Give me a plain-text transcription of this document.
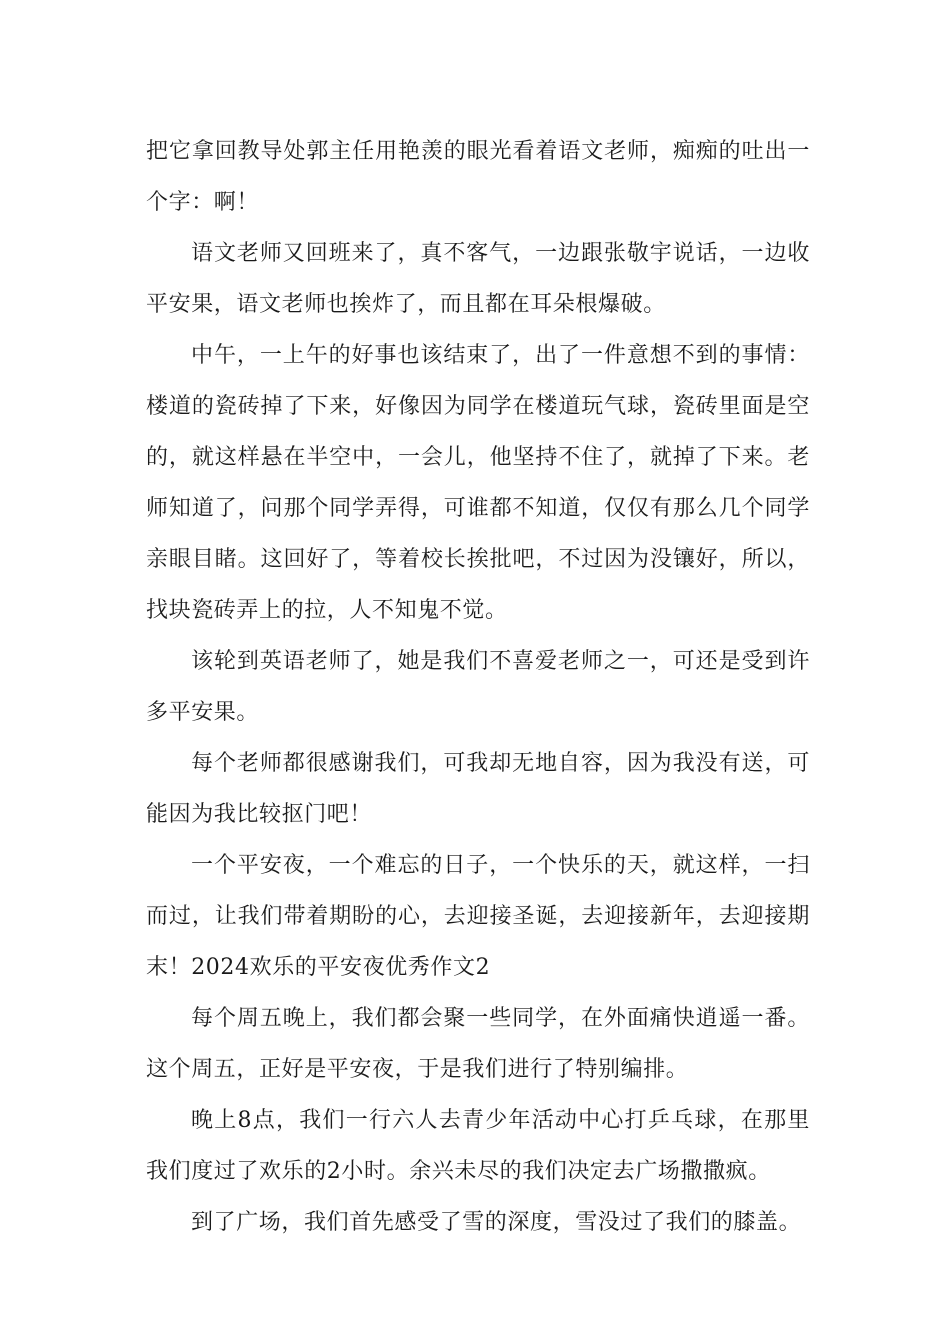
把它拿回教导处郭主任用艳羡的眼光看着语文老师，痴痴的吐出一个字：啊！

语文老师又回班来了，真不客气，一边跟张敬宇说话，一边收平安果，语文老师也挨炸了，而且都在耳朵根爆破。

中午，一上午的好事也该结束了，出了一件意想不到的事情：楼道的瓷砖掉了下来，好像因为同学在楼道玩气球，瓷砖里面是空的，就这样悬在半空中，一会儿，他坚持不住了，就掉了下来。老师知道了，问那个同学弄得，可谁都不知道，仅仅有那么几个同学亲眼目睹。这回好了，等着校长挨批吧，不过因为没镶好，所以，找块瓷砖弄上的拉，人不知鬼不觉。

该轮到英语老师了，她是我们不喜爱老师之一，可还是受到许多平安果。

每个老师都很感谢我们，可我却无地自容，因为我没有送，可能因为我比较抠门吧！

一个平安夜，一个难忘的日子，一个快乐的天，就这样，一扫而过，让我们带着期盼的心，去迎接圣诞，去迎接新年，去迎接期末！2024欢乐的平安夜优秀作文2

每个周五晚上，我们都会聚一些同学，在外面痛快逍遥一番。这个周五，正好是平安夜，于是我们进行了特别编排。

晚上8点，我们一行六人去青少年活动中心打乒乓球，在那里我们度过了欢乐的2小时。余兴未尽的我们决定去广场撒撒疯。

到了广场，我们首先感受了雪的深度，雪没过了我们的膝盖。
